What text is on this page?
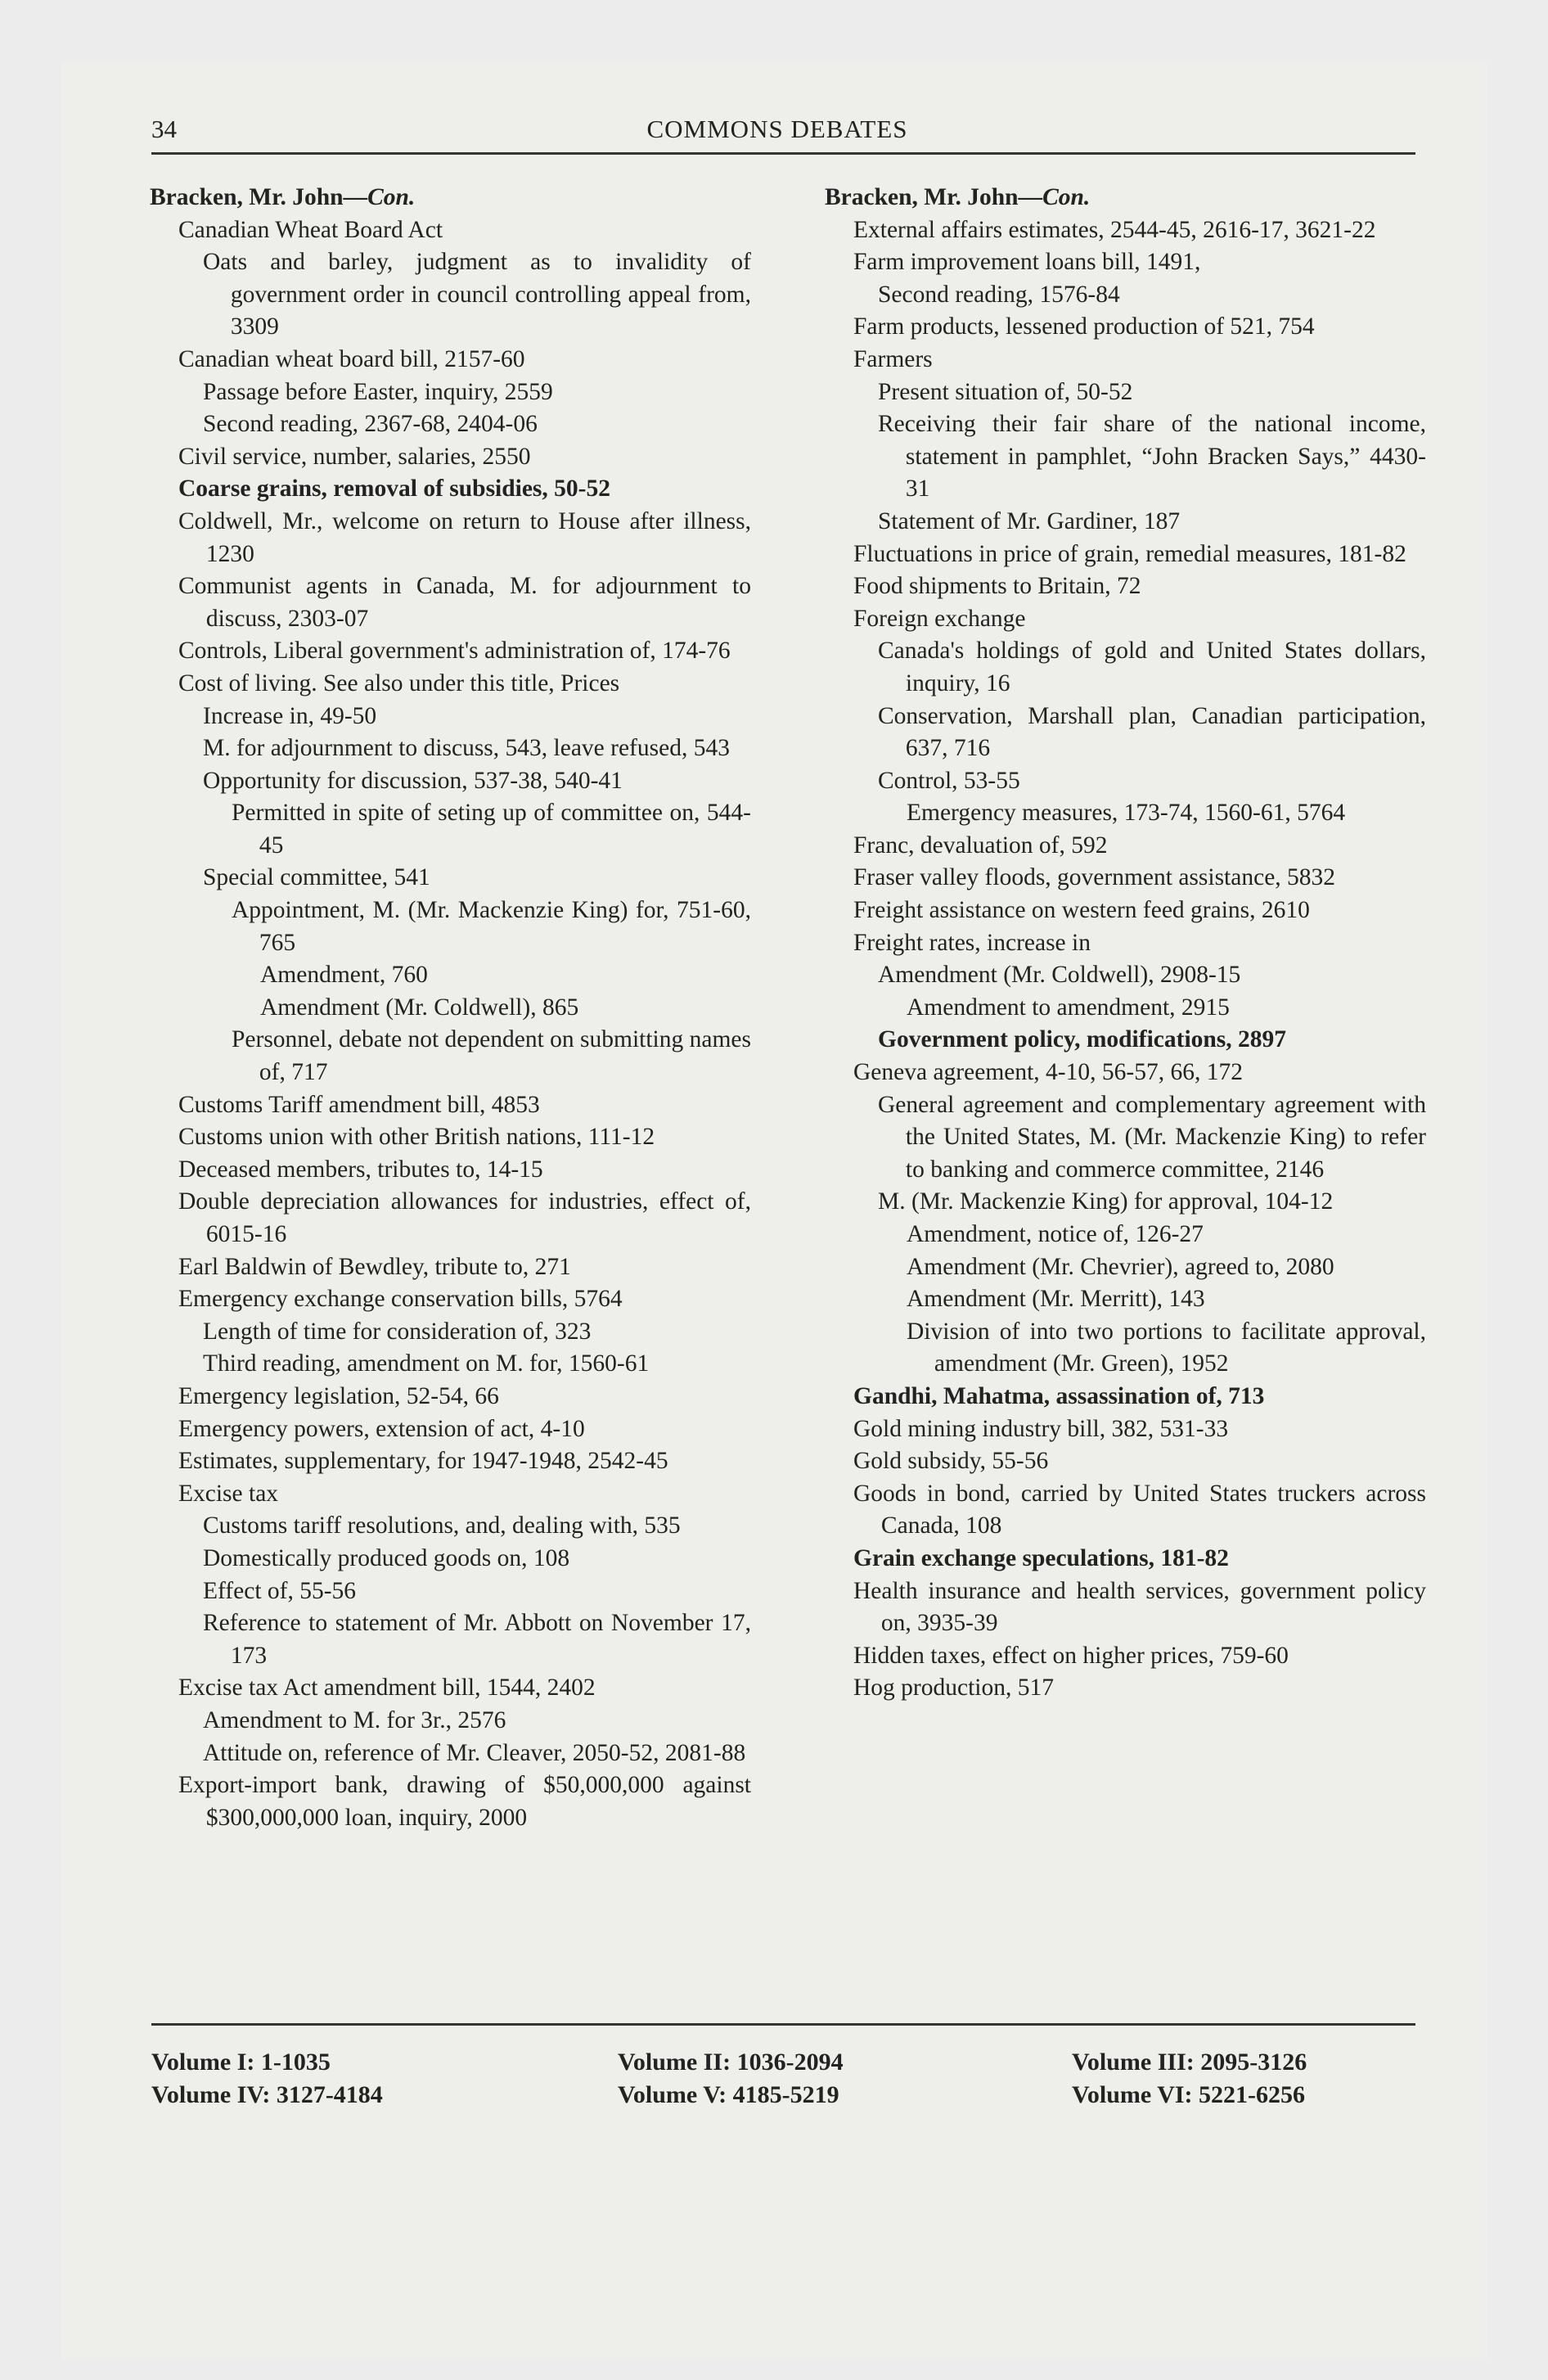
34	COMMONS DEBATES
Bracken, Mr. John—Con.
Canadian Wheat Board Act
Oats and barley, judgment as to invalidity of government order in council controlling appeal from, 3309
Canadian wheat board bill, 2157-60
Passage before Easter, inquiry, 2559
Second reading, 2367-68, 2404-06
Civil service, number, salaries, 2550
Coarse grains, removal of subsidies, 50-52
Coldwell, Mr., welcome on return to House after illness, 1230
Communist agents in Canada, M. for adjournment to discuss, 2303-07
Controls, Liberal government's administration of, 174-76
Cost of living. See also under this title, Prices
Increase in, 49-50
M. for adjournment to discuss, 543, leave refused, 543
Opportunity for discussion, 537-38, 540-41
Permitted in spite of seting up of committee on, 544-45
Special committee, 541
Appointment, M. (Mr. Mackenzie King) for, 751-60, 765
Amendment, 760
Amendment (Mr. Coldwell), 865
Personnel, debate not dependent on submitting names of, 717
Customs Tariff amendment bill, 4853
Customs union with other British nations, 111-12
Deceased members, tributes to, 14-15
Double depreciation allowances for industries, effect of, 6015-16
Earl Baldwin of Bewdley, tribute to, 271
Emergency exchange conservation bills, 5764
Length of time for consideration of, 323
Third reading, amendment on M. for, 1560-61
Emergency legislation, 52-54, 66
Emergency powers, extension of act, 4-10
Estimates, supplementary, for 1947-1948, 2542-45
Excise tax
Customs tariff resolutions, and, dealing with, 535
Domestically produced goods on, 108
Effect of, 55-56
Reference to statement of Mr. Abbott on November 17, 173
Excise tax Act amendment bill, 1544, 2402
Amendment to M. for 3r., 2576
Attitude on, reference of Mr. Cleaver, 2050-52, 2081-88
Export-import bank, drawing of $50,000,000 against $300,000,000 loan, inquiry, 2000
Bracken, Mr. John—Con.
External affairs estimates, 2544-45, 2616-17, 3621-22
Farm improvement loans bill, 1491,
Second reading, 1576-84
Farm products, lessened production of 521, 754
Farmers
Present situation of, 50-52
Receiving their fair share of the national income, statement in pamphlet, “John Bracken Says,” 4430-31
Statement of Mr. Gardiner, 187
Fluctuations in price of grain, remedial measures, 181-82
Food shipments to Britain, 72
Foreign exchange
Canada's holdings of gold and United States dollars, inquiry, 16
Conservation, Marshall plan, Canadian participation, 637, 716
Control, 53-55
Emergency measures, 173-74, 1560-61, 5764
Franc, devaluation of, 592
Fraser valley floods, government assistance, 5832
Freight assistance on western feed grains, 2610
Freight rates, increase in
Amendment (Mr. Coldwell), 2908-15
Amendment to amendment, 2915
Government policy, modifications, 2897
Geneva agreement, 4-10, 56-57, 66, 172
General agreement and complementary agreement with the United States, M. (Mr. Mackenzie King) to refer to banking and commerce committee, 2146
M. (Mr. Mackenzie King) for approval, 104-12
Amendment, notice of, 126-27
Amendment (Mr. Chevrier), agreed to, 2080
Amendment (Mr. Merritt), 143
Division of into two portions to facilitate approval, amendment (Mr. Green), 1952
Gandhi, Mahatma, assassination of, 713
Gold mining industry bill, 382, 531-33
Gold subsidy, 55-56
Goods in bond, carried by United States truckers across Canada, 108
Grain exchange speculations, 181-82
Health insurance and health services, government policy on, 3935-39
Hidden taxes, effect on higher prices, 759-60
Hog production, 517
Volume I: 1-1035	Volume II: 1036-2094	Volume III: 2095-3126
Volume IV: 3127-4184	Volume V: 4185-5219	Volume VI: 5221-6256
